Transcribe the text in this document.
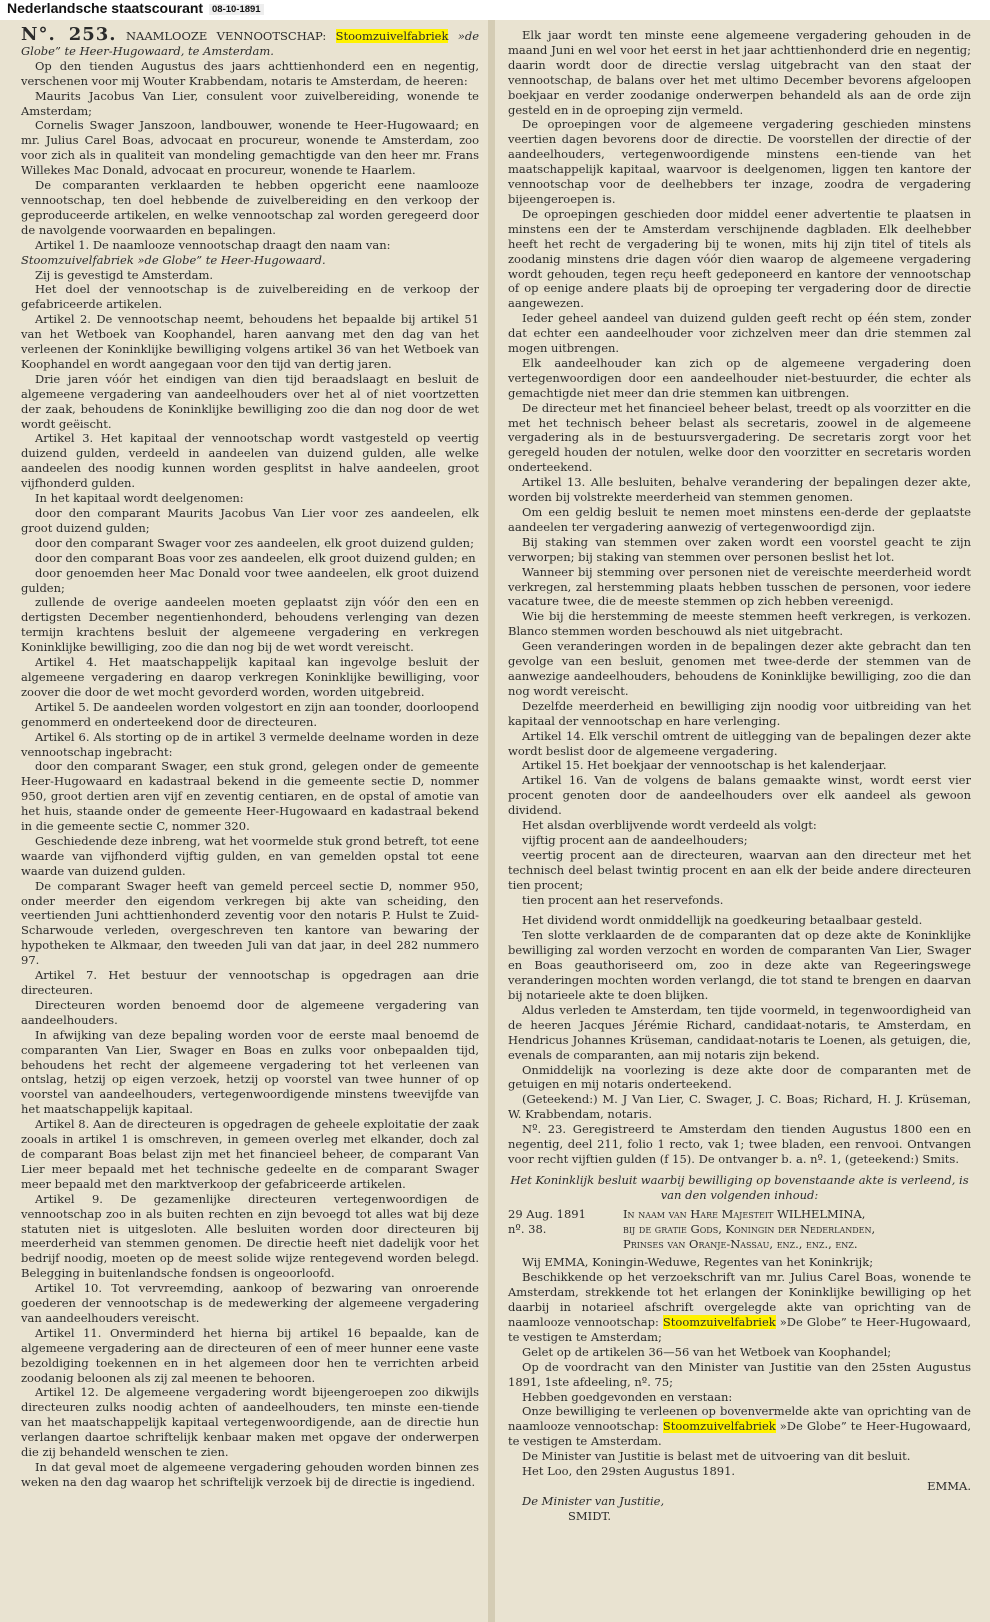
Nederlandsche staatscourant 08-10-1891

N°. 253. NAAMLOOZE VENNOOTSCHAP: Stoomzuivelfabriek »de Globe” te Heer-Hugowaard, te Amsterdam.

Op den tienden Augustus des jaars achttienhonderd een en negentig, verschenen voor mij Wouter Krabbendam, notaris te Amsterdam, de heeren:

Maurits Jacobus Van Lier, consulent voor zuivelbereiding, wonende te Amsterdam;

Cornelis Swager Janszoon, landbouwer, wonende te Heer-Hugowaard; en mr. Julius Carel Boas, advocaat en procureur, wonende te Amsterdam, zoo voor zich als in qualiteit van mondeling gemachtigde van den heer mr. Frans Willekes Mac Donald, advocaat en procureur, wonende te Haarlem.

De comparanten verklaarden te hebben opgericht eene naamlooze vennootschap, ten doel hebbende de zuivelbereiding en den verkoop der geproduceerde artikelen, en welke vennootschap zal worden geregeerd door de navolgende voorwaarden en bepalingen.

Artikel 1. De naamlooze vennootschap draagt den naam van:

Stoomzuivelfabriek »de Globe” te Heer-Hugowaard.

Zij is gevestigd te Amsterdam.

Het doel der vennootschap is de zuivelbereiding en de verkoop der gefabriceerde artikelen.

Artikel 2. De vennootschap neemt, behoudens het bepaalde bij artikel 51 van het Wetboek van Koophandel, haren aanvang met den dag van het verleenen der Koninklijke bewilliging volgens artikel 36 van het Wetboek van Koophandel en wordt aangegaan voor den tijd van dertig jaren.

Drie jaren vóór het eindigen van dien tijd beraadslaagt en besluit de algemeene vergadering van aandeelhouders over het al of niet voortzetten der zaak, behoudens de Koninklijke bewilliging zoo die dan nog door de wet wordt geëischt.

Artikel 3. Het kapitaal der vennootschap wordt vastgesteld op veertig duizend gulden, verdeeld in aandeelen van duizend gulden, alle welke aandeelen des noodig kunnen worden gesplitst in halve aandeelen, groot vijfhonderd gulden.

In het kapitaal wordt deelgenomen:

door den comparant Maurits Jacobus Van Lier voor zes aandeelen, elk groot duizend gulden;

door den comparant Swager voor zes aandeelen, elk groot duizend gulden;

door den comparant Boas voor zes aandeelen, elk groot duizend gulden; en

door genoemden heer Mac Donald voor twee aandeelen, elk groot duizend gulden;

zullende de overige aandeelen moeten geplaatst zijn vóór den een en dertigsten December negentienhonderd, behoudens verlenging van dezen termijn krachtens besluit der algemeene vergadering en verkregen Koninklijke bewilliging, zoo die dan nog bij de wet wordt vereischt.

Artikel 4. Het maatschappelijk kapitaal kan ingevolge besluit der algemeene vergadering en daarop verkregen Koninklijke bewilliging, voor zoover die door de wet mocht gevorderd worden, worden uitgebreid.

Artikel 5. De aandeelen worden volgestort en zijn aan toonder, doorloopend genommerd en onderteekend door de directeuren.

Artikel 6. Als storting op de in artikel 3 vermelde deelname worden in deze vennootschap ingebracht:

door den comparant Swager, een stuk grond, gelegen onder de gemeente Heer-Hugowaard en kadastraal bekend in die gemeente sectie D, nommer 950, groot dertien aren vijf en zeventig centiaren, en de opstal of amotie van het huis, staande onder de gemeente Heer-Hugowaard en kadastraal bekend in die gemeente sectie C, nommer 320.

Geschiedende deze inbreng, wat het voormelde stuk grond betreft, tot eene waarde van vijfhonderd vijftig gulden, en van gemelden opstal tot eene waarde van duizend gulden.

De comparant Swager heeft van gemeld perceel sectie D, nommer 950, onder meerder den eigendom verkregen bij akte van scheiding, den veertienden Juni achttienhonderd zeventig voor den notaris P. Hulst te Zuid-Scharwoude verleden, overgeschreven ten kantore van bewaring der hypotheken te Alkmaar, den tweeden Juli van dat jaar, in deel 282 nummero 97.

Artikel 7. Het bestuur der vennootschap is opgedragen aan drie directeuren.

Directeuren worden benoemd door de algemeene vergadering van aandeelhouders.

In afwijking van deze bepaling worden voor de eerste maal benoemd de comparanten Van Lier, Swager en Boas en zulks voor onbepaalden tijd, behoudens het recht der algemeene vergadering tot het verleenen van ontslag, hetzij op eigen verzoek, hetzij op voorstel van twee hunner of op voorstel van aandeelhouders, vertegenwoordigende minstens tweevijfde van het maatschappelijk kapitaal.

Artikel 8. Aan de directeuren is opgedragen de geheele exploitatie der zaak zooals in artikel 1 is omschreven, in gemeen overleg met elkander, doch zal de comparant Boas belast zijn met het financieel beheer, de comparant Van Lier meer bepaald met het technische gedeelte en de comparant Swager meer bepaald met den marktverkoop der gefabriceerde artikelen.

Artikel 9. De gezamenlijke directeuren vertegenwoordigen de vennootschap zoo in als buiten rechten en zijn bevoegd tot alles wat bij deze statuten niet is uitgesloten. Alle besluiten worden door directeuren bij meerderheid van stemmen genomen. De directie heeft niet dadelijk voor het bedrijf noodig, moeten op de meest solide wijze rentegevend worden belegd. Belegging in buitenlandsche fondsen is ongeoorloofd.

Artikel 10. Tot vervreemding, aankoop of bezwaring van onroerende goederen der vennootschap is de medewerking der algemeene vergadering van aandeelhouders vereischt.

Artikel 11. Onverminderd het hierna bij artikel 16 bepaalde, kan de algemeene vergadering aan de directeuren of een of meer hunner eene vaste bezoldiging toekennen en in het algemeen door hen te verrichten arbeid zoodanig beloonen als zij zal meenen te behooren.

Artikel 12. De algemeene vergadering wordt bijeengeroepen zoo dikwijls directeuren zulks noodig achten of aandeelhouders, ten minste een-tiende van het maatschappelijk kapitaal vertegenwoordigende, aan de directie hun verlangen daartoe schriftelijk kenbaar maken met opgave der onderwerpen die zij behandeld wenschen te zien.

In dat geval moet de algemeene vergadering gehouden worden binnen zes weken na den dag waarop het schriftelijk verzoek bij de directie is ingediend.

Elk jaar wordt ten minste eene algemeene vergadering gehouden in de maand Juni en wel voor het eerst in het jaar achttienhonderd drie en negentig; daarin wordt door de directie verslag uitgebracht van den staat der vennootschap, de balans over het met ultimo December bevorens afgeloopen boekjaar en verder zoodanige onderwerpen behandeld als aan de orde zijn gesteld en in de oproeping zijn vermeld.

De oproepingen voor de algemeene vergadering geschieden minstens veertien dagen bevorens door de directie. De voorstellen der directie of der aandeelhouders, vertegenwoordigende minstens een-tiende van het maatschappelijk kapitaal, waarvoor is deelgenomen, liggen ten kantore der vennootschap voor de deelhebbers ter inzage, zoodra de vergadering bijeengeroepen is.

De oproepingen geschieden door middel eener advertentie te plaatsen in minstens een der te Amsterdam verschijnende dagbladen. Elk deelhebber heeft het recht de vergadering bij te wonen, mits hij zijn titel of titels als zoodanig minstens drie dagen vóór dien waarop de algemeene vergadering wordt gehouden, tegen reçu heeft gedeponeerd en kantore der vennootschap of op eenige andere plaats bij de oproeping ter vergadering door de directie aangewezen.

Ieder geheel aandeel van duizend gulden geeft recht op één stem, zonder dat echter een aandeelhouder voor zichzelven meer dan drie stemmen zal mogen uitbrengen.

Elk aandeelhouder kan zich op de algemeene vergadering doen vertegenwoordigen door een aandeelhouder niet-bestuurder, die echter als gemachtigde niet meer dan drie stemmen kan uitbrengen.

De directeur met het financieel beheer belast, treedt op als voorzitter en die met het technisch beheer belast als secretaris, zoowel in de algemeene vergadering als in de bestuursvergadering. De secretaris zorgt voor het geregeld houden der notulen, welke door den voorzitter en secretaris worden onderteekend.

Artikel 13. Alle besluiten, behalve verandering der bepalingen dezer akte, worden bij volstrekte meerderheid van stemmen genomen.

Om een geldig besluit te nemen moet minstens een-derde der geplaatste aandeelen ter vergadering aanwezig of vertegenwoordigd zijn.

Bij staking van stemmen over zaken wordt een voorstel geacht te zijn verworpen; bij staking van stemmen over personen beslist het lot.

Wanneer bij stemming over personen niet de vereischte meerderheid wordt verkregen, zal herstemming plaats hebben tusschen de personen, voor iedere vacature twee, die de meeste stemmen op zich hebben vereenigd.

Wie bij die herstemming de meeste stemmen heeft verkregen, is verkozen. Blanco stemmen worden beschouwd als niet uitgebracht.

Geen veranderingen worden in de bepalingen dezer akte gebracht dan ten gevolge van een besluit, genomen met twee-derde der stemmen van de aanwezige aandeelhouders, behoudens de Koninklijke bewilliging, zoo die dan nog wordt vereischt.

Dezelfde meerderheid en bewilliging zijn noodig voor uitbreiding van het kapitaal der vennootschap en hare verlenging.

Artikel 14. Elk verschil omtrent de uitlegging van de bepalingen dezer akte wordt beslist door de algemeene vergadering.

Artikel 15. Het boekjaar der vennootschap is het kalenderjaar.

Artikel 16. Van de volgens de balans gemaakte winst, wordt eerst vier procent genoten door de aandeelhouders over elk aandeel als gewoon dividend.

Het alsdan overblijvende wordt verdeeld als volgt:

vijftig procent aan de aandeelhouders;

veertig procent aan de directeuren, waarvan aan den directeur met het technisch deel belast twintig procent en aan elk der beide andere directeuren tien procent;

tien procent aan het reservefonds.

Het dividend wordt onmiddellijk na goedkeuring betaalbaar gesteld.

Ten slotte verklaarden de de comparanten dat op deze akte de Koninklijke bewilliging zal worden verzocht en worden de comparanten Van Lier, Swager en Boas geauthoriseerd om, zoo in deze akte van Regeeringswege veranderingen mochten worden verlangd, die tot stand te brengen en daarvan bij notarieele akte te doen blijken.

Aldus verleden te Amsterdam, ten tijde voormeld, in tegenwoordigheid van de heeren Jacques Jérémie Richard, candidaat-notaris, te Amsterdam, en Hendricus Johannes Krüseman, candidaat-notaris te Loenen, als getuigen, die, evenals de comparanten, aan mij notaris zijn bekend.

Onmiddelijk na voorlezing is deze akte door de comparanten met de getuigen en mij notaris onderteekend.

(Geteekend:) M. J Van Lier, C. Swager, J. C. Boas; Richard, H. J. Krüseman, W. Krabbendam, notaris.

Nº. 23. Geregistreerd te Amsterdam den tienden Augustus 1800 een en negentig, deel 211, folio 1 recto, vak 1; twee bladen, een renvooi. Ontvangen voor recht vijftien gulden (f 15). De ontvanger b. a. nº. 1, (geteekend:) Smits.

Het Koninklijk besluit waarbij bewilliging op bovenstaande akte is verleend, is van den volgenden inhoud:

29 Aug. 1891
nº. 38.
In naam van Hare Majesteit WILHELMINA,
bij de gratie Gods, Koningin der Nederlanden,
Prinses van Oranje-Nassau, enz., enz., enz.

Wij EMMA, Koningin-Weduwe, Regentes van het Koninkrijk;

Beschikkende op het verzoekschrift van mr. Julius Carel Boas, wonende te Amsterdam, strekkende tot het erlangen der Koninklijke bewilliging op het daarbij in notarieel afschrift overgelegde akte van oprichting van de naamlooze vennootschap: Stoomzuivelfabriek »De Globe” te Heer-Hugowaard, te vestigen te Amsterdam;

Gelet op de artikelen 36—56 van het Wetboek van Koophandel;

Op de voordracht van den Minister van Justitie van den 25sten Augustus 1891, 1ste afdeeling, nº. 75;

Hebben goedgevonden en verstaan:

Onze bewilliging te verleenen op bovenvermelde akte van oprichting van de naamlooze vennootschap: Stoomzuivelfabriek »De Globe” te Heer-Hugowaard, te vestigen te Amsterdam.

De Minister van Justitie is belast met de uitvoering van dit besluit.

Het Loo, den 29sten Augustus 1891.

EMMA.

De Minister van Justitie,

SMIDT.
